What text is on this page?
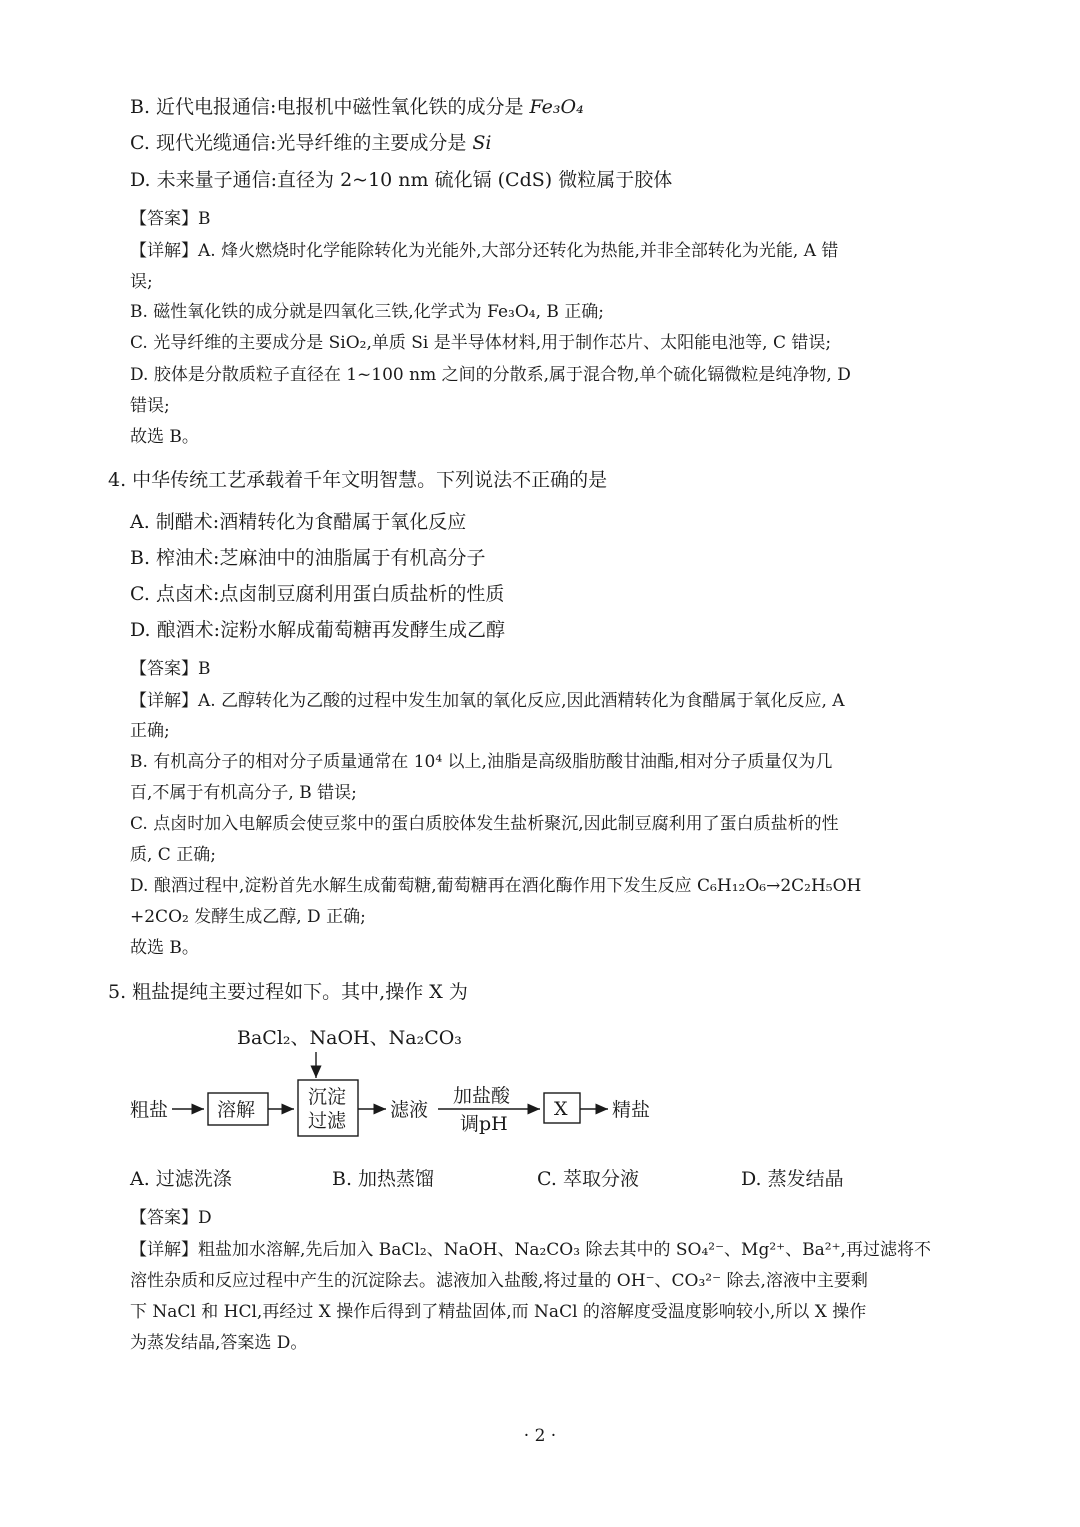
B. 近代电报通信:电报机中磁性氧化铁的成分是 Fe₃O₄
C. 现代光缆通信:光导纤维的主要成分是 Si
D. 未来量子通信:直径为 2~10 nm 硫化镉 (CdS) 微粒属于胶体
【答案】B
【详解】A. 烽火燃烧时化学能除转化为光能外,大部分还转化为热能,并非全部转化为光能, A 错
误;
B. 磁性氧化铁的成分就是四氧化三铁,化学式为 Fe₃O₄, B 正确;
C. 光导纤维的主要成分是 SiO₂,单质 Si 是半导体材料,用于制作芯片、太阳能电池等, C 错误;
D. 胶体是分散质粒子直径在 1~100 nm 之间的分散系,属于混合物,单个硫化镉微粒是纯净物, D
错误;
故选 B。
4. 中华传统工艺承载着千年文明智慧。下列说法不正确的是
A. 制醋术:酒精转化为食醋属于氧化反应
B. 榨油术:芝麻油中的油脂属于有机高分子
C. 点卤术:点卤制豆腐利用蛋白质盐析的性质
D. 酿酒术:淀粉水解成葡萄糖再发酵生成乙醇
【答案】B
【详解】A. 乙醇转化为乙酸的过程中发生加氧的氧化反应,因此酒精转化为食醋属于氧化反应, A
正确;
B. 有机高分子的相对分子质量通常在 10⁴ 以上,油脂是高级脂肪酸甘油酯,相对分子质量仅为几
百,不属于有机高分子, B 错误;
C. 点卤时加入电解质会使豆浆中的蛋白质胶体发生盐析聚沉,因此制豆腐利用了蛋白质盐析的性
质, C 正确;
D. 酿酒过程中,淀粉首先水解生成葡萄糖,葡萄糖再在酒化酶作用下发生反应 C₆H₁₂O₆→2C₂H₅OH
+2CO₂ 发酵生成乙醇, D 正确;
故选 B。
5. 粗盐提纯主要过程如下。其中,操作 X 为
BaCl₂、NaOH、Na₂CO₃
粗盐	溶解
沉淀
过滤 滤液
加盐酸
调pH
X 精盐
A. 过滤洗涤	B. 加热蒸馏	C. 萃取分液	D. 蒸发结晶
【答案】D
【详解】粗盐加水溶解,先后加入 BaCl₂、NaOH、Na₂CO₃ 除去其中的 SO₄²⁻、Mg²⁺、Ba²⁺,再过滤将不
溶性杂质和反应过程中产生的沉淀除去。滤液加入盐酸,将过量的 OH⁻、CO₃²⁻ 除去,溶液中主要剩
下 NaCl 和 HCl,再经过 X 操作后得到了精盐固体,而 NaCl 的溶解度受温度影响较小,所以 X 操作
为蒸发结晶,答案选 D。
· 2 ·
